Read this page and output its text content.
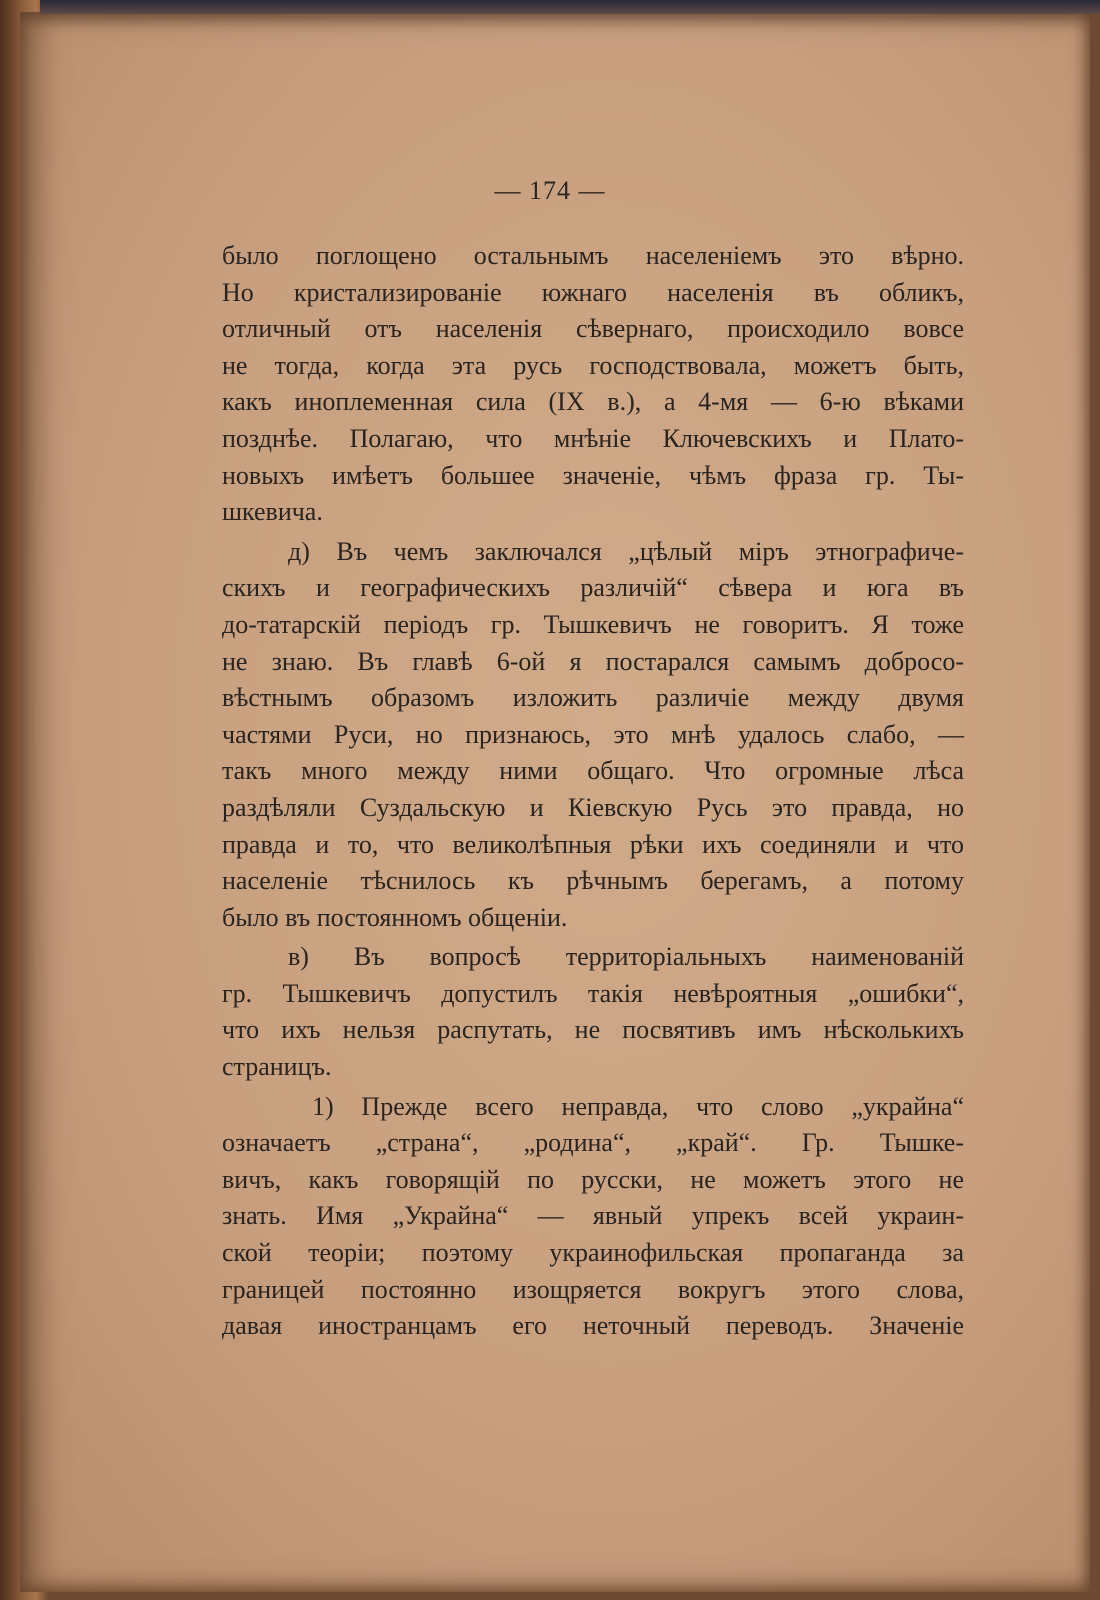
— 174 —
было поглощено остальнымъ населеніемъ это вѣрно.
Но кристализированіе южнаго населенія въ обликъ,
отличный отъ населенія сѣвернаго, происходило вовсе
не тогда, когда эта русь господствовала, можетъ быть,
какъ иноплеменная сила (IX в.), а 4-мя — 6-ю вѣками
позднѣе. Полагаю, что мнѣніе Ключевскихъ и Плато-
новыхъ имѣетъ большее значеніе, чѣмъ фраза гр. Ты-
шкевича.
д) Въ чемъ заключался „цѣлый міръ этнографиче-
скихъ и географическихъ различій“ сѣвера и юга въ
до-татарскій періодъ гр. Тышкевичъ не говоритъ. Я тоже
не знаю. Въ главѣ 6-ой я постарался самымъ добросо-
вѣстнымъ образомъ изложить различіе между двумя
частями Руси, но признаюсь, это мнѣ удалось слабо, —
такъ много между ними общаго. Что огромные лѣса
раздѣляли Суздальскую и Кіевскую Русь это правда, но
правда и то, что великолѣпныя рѣки ихъ соединяли и что
населеніе тѣснилось къ рѣчнымъ берегамъ, а потому
было въ постоянномъ общеніи.
в) Въ вопросѣ территоріальныхъ наименованій
гр. Тышкевичъ допустилъ такія невѣроятныя „ошибки“,
что ихъ нельзя распутать, не посвятивъ имъ нѣсколькихъ
страницъ.
1) Прежде всего неправда, что слово „украйна“
означаетъ „страна“, „родина“, „край“. Гр. Тышке-
вичъ, какъ говорящій по русски, не можетъ этого не
знать. Имя „Украйна“ — явный упрекъ всей украин-
ской теоріи; поэтому украинофильская пропаганда за
границей постоянно изощряется вокругъ этого слова,
давая иностранцамъ его неточный переводъ. Значеніе
